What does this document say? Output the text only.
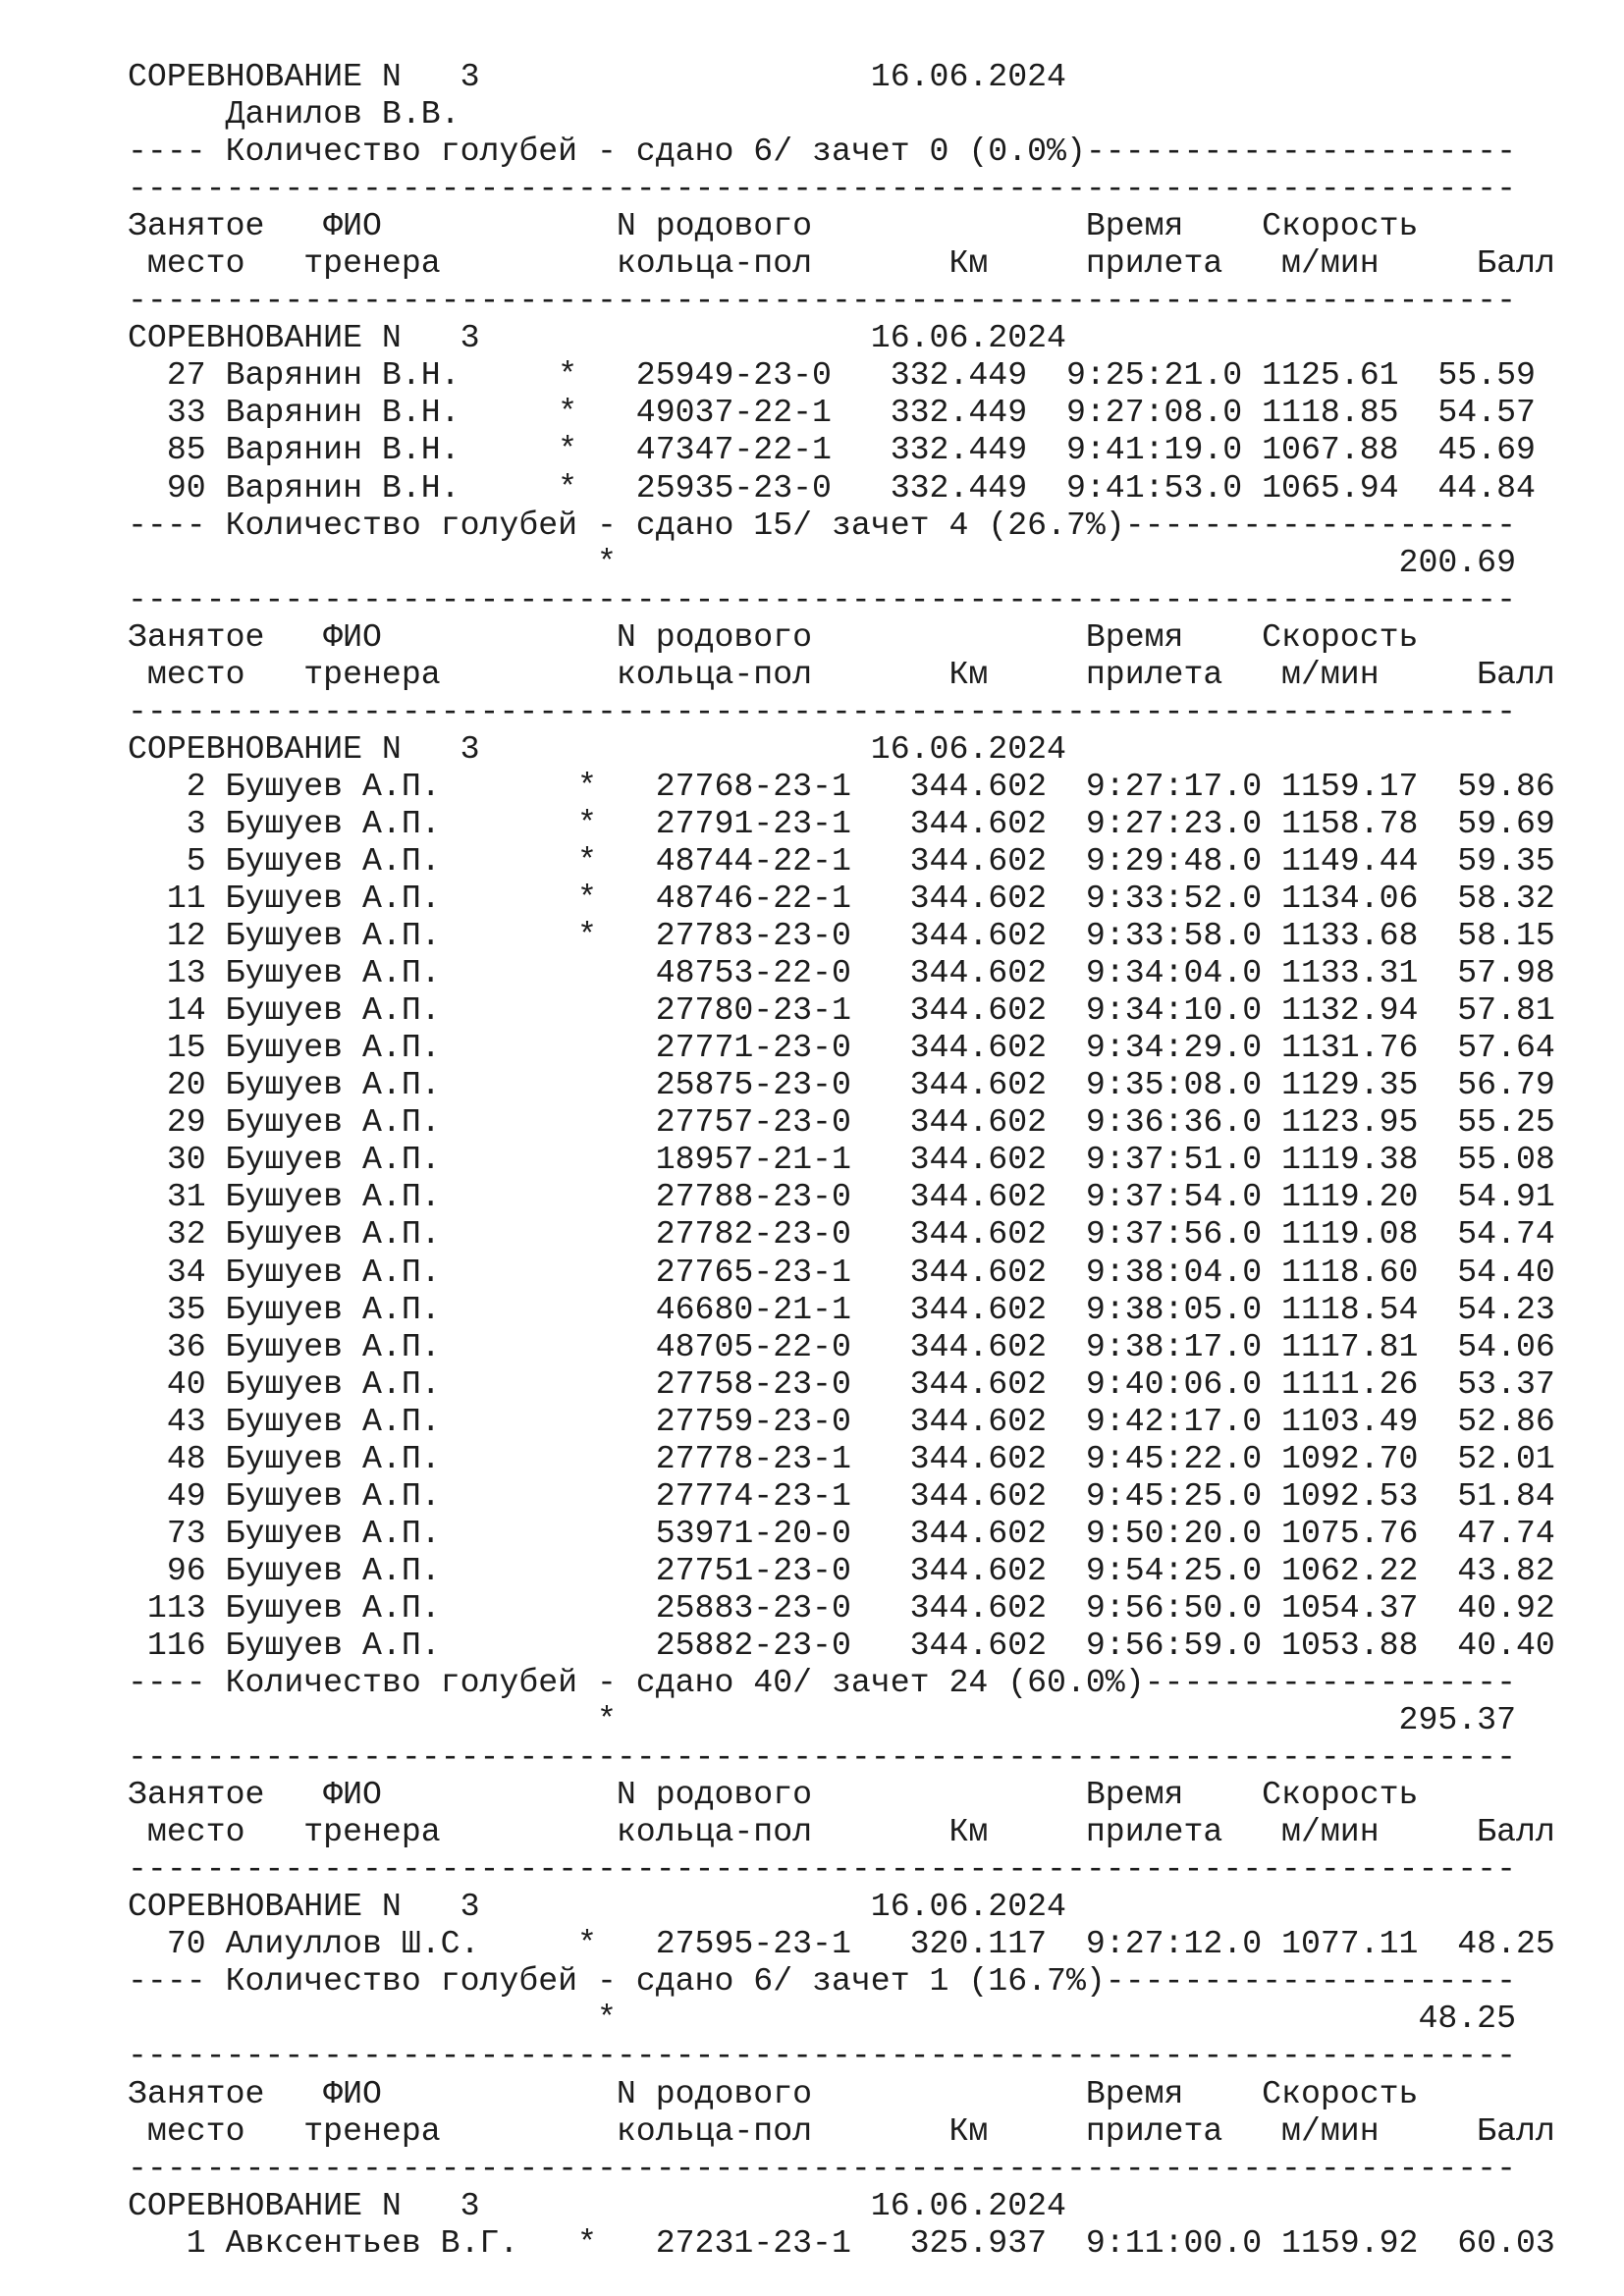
СОРЕВНОВАНИЕ N   3                    16.06.2024
Данилов В.В.
---- Количество голубей - сдано 6/ зачет 0 (0.0%)----------------------
-----------------------------------------------------------------------
Занятое   ФИО            N родового              Время    Скорость
место   тренера         кольца-пол       Км     прилета   м/мин     Балл
-----------------------------------------------------------------------
СОРЕВНОВАНИЕ N   3                    16.06.2024
27 Варянин В.Н.     *   25949-23-0   332.449  9:25:21.0 1125.61  55.59
33 Варянин В.Н.     *   49037-22-1   332.449  9:27:08.0 1118.85  54.57
85 Варянин В.Н.     *   47347-22-1   332.449  9:41:19.0 1067.88  45.69
90 Варянин В.Н.     *   25935-23-0   332.449  9:41:53.0 1065.94  44.84
---- Количество голубей - сдано 15/ зачет 4 (26.7%)--------------------
*                                        200.69
-----------------------------------------------------------------------
Занятое   ФИО            N родового              Время    Скорость
место   тренера         кольца-пол       Км     прилета   м/мин     Балл
-----------------------------------------------------------------------
СОРЕВНОВАНИЕ N   3                    16.06.2024
2 Бушуев А.П.       *   27768-23-1   344.602  9:27:17.0 1159.17  59.86
3 Бушуев А.П.       *   27791-23-1   344.602  9:27:23.0 1158.78  59.69
5 Бушуев А.П.       *   48744-22-1   344.602  9:29:48.0 1149.44  59.35
11 Бушуев А.П.       *   48746-22-1   344.602  9:33:52.0 1134.06  58.32
12 Бушуев А.П.       *   27783-23-0   344.602  9:33:58.0 1133.68  58.15
13 Бушуев А.П.           48753-22-0   344.602  9:34:04.0 1133.31  57.98
14 Бушуев А.П.           27780-23-1   344.602  9:34:10.0 1132.94  57.81
15 Бушуев А.П.           27771-23-0   344.602  9:34:29.0 1131.76  57.64
20 Бушуев А.П.           25875-23-0   344.602  9:35:08.0 1129.35  56.79
29 Бушуев А.П.           27757-23-0   344.602  9:36:36.0 1123.95  55.25
30 Бушуев А.П.           18957-21-1   344.602  9:37:51.0 1119.38  55.08
31 Бушуев А.П.           27788-23-0   344.602  9:37:54.0 1119.20  54.91
32 Бушуев А.П.           27782-23-0   344.602  9:37:56.0 1119.08  54.74
34 Бушуев А.П.           27765-23-1   344.602  9:38:04.0 1118.60  54.40
35 Бушуев А.П.           46680-21-1   344.602  9:38:05.0 1118.54  54.23
36 Бушуев А.П.           48705-22-0   344.602  9:38:17.0 1117.81  54.06
40 Бушуев А.П.           27758-23-0   344.602  9:40:06.0 1111.26  53.37
43 Бушуев А.П.           27759-23-0   344.602  9:42:17.0 1103.49  52.86
48 Бушуев А.П.           27778-23-1   344.602  9:45:22.0 1092.70  52.01
49 Бушуев А.П.           27774-23-1   344.602  9:45:25.0 1092.53  51.84
73 Бушуев А.П.           53971-20-0   344.602  9:50:20.0 1075.76  47.74
96 Бушуев А.П.           27751-23-0   344.602  9:54:25.0 1062.22  43.82
113 Бушуев А.П.           25883-23-0   344.602  9:56:50.0 1054.37  40.92
116 Бушуев А.П.           25882-23-0   344.602  9:56:59.0 1053.88  40.40
---- Количество голубей - сдано 40/ зачет 24 (60.0%)-------------------
*                                        295.37
-----------------------------------------------------------------------
Занятое   ФИО            N родового              Время    Скорость
место   тренера         кольца-пол       Км     прилета   м/мин     Балл
-----------------------------------------------------------------------
СОРЕВНОВАНИЕ N   3                    16.06.2024
70 Алиуллов Ш.С.     *   27595-23-1   320.117  9:27:12.0 1077.11  48.25
---- Количество голубей - сдано 6/ зачет 1 (16.7%)---------------------
*                                         48.25
-----------------------------------------------------------------------
Занятое   ФИО            N родового              Время    Скорость
место   тренера         кольца-пол       Км     прилета   м/мин     Балл
-----------------------------------------------------------------------
СОРЕВНОВАНИЕ N   3                    16.06.2024
1 Авксентьев В.Г.   *   27231-23-1   325.937  9:11:00.0 1159.92  60.03
